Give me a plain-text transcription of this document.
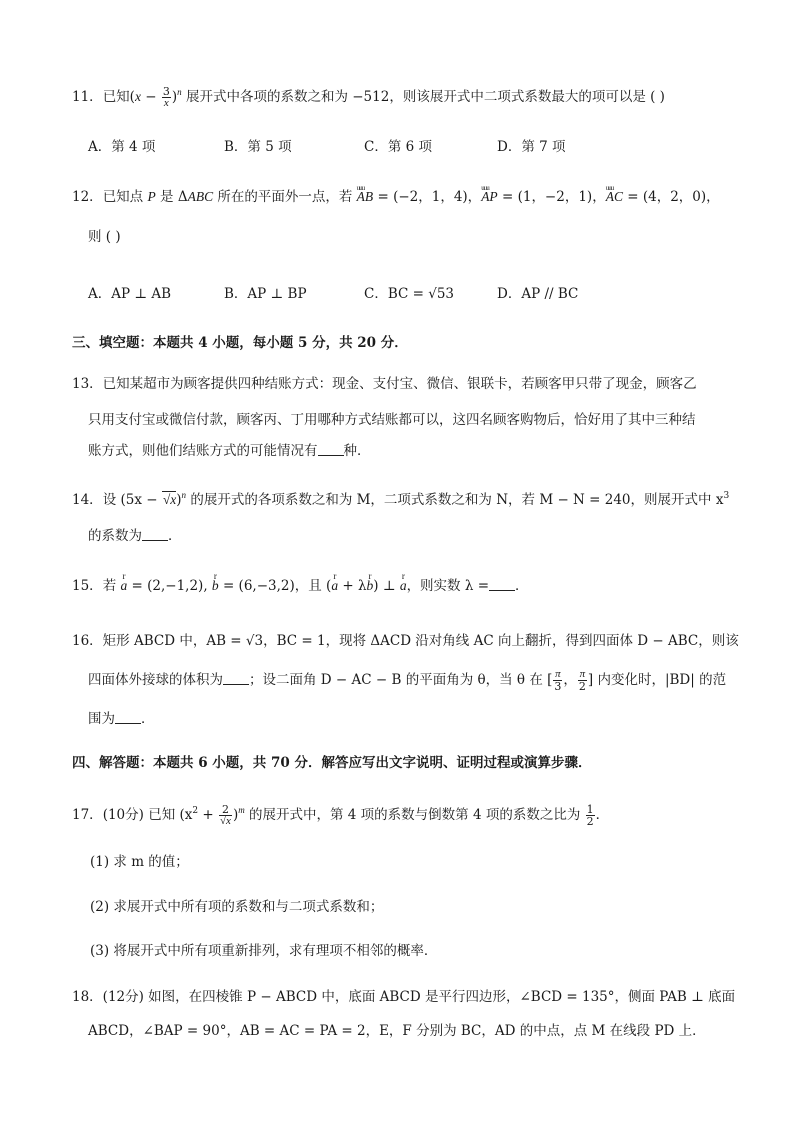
11．已知$(x - \frac{3}{x} )^n$ 展开式中各项的系数之和为 −512，则该展开式中二项式系数最大的项可以是 ( )
A．第 4 项	B．第 5 项	C．第 6 项	D．第 7 项
12．已知点 P 是 ΔABC 所在的平面外一点，若 uuu AB = (−2，1，4)，uuu AP = (1，−2，1)，uuu AC = (4，2，0)，
则 ( )
A．AP ⊥ AB	B．AP ⊥ BP	C．BC = √53	D．AP // BC
三、填空题：本题共 4 小题，每小题 5 分，共 20 分．
13．已知某超市为顾客提供四种结账方式：现金、支付宝、微信、银联卡，若顾客甲只带了现金，顾客乙
只用支付宝或微信付款，顾客丙、丁用哪种方式结账都可以，这四名顾客购物后，恰好用了其中三种结
账方式，则他们结账方式的可能情况有 种．
14．设 $(5x - √x)^n$ 的展开式的各项系数之和为 M，二项式系数之和为 N，若 M − N = 240，则展开式中 $x^3$
的系数为 ．
15．若 r a = (2,−1,2), r b = (6,−3,2)，且 (r a + λr b) ⊥ r a，则实数 λ = ．
16．矩形 ABCD 中，AB = √3，BC = 1，现将 ΔACD 沿对角线 AC 向上翻折，得到四面体 D − ABC，则该
四面体外接球的体积为 ；设二面角 D − AC − B 的平面角为 θ，当 θ 在 [ $\frac{\pi}{3}$ ， $\frac{\pi}{2}$ ] 内变化时，|BD| 的范
围为 ．
四、解答题：本题共 6 小题，共 70 分．解答应写出文字说明、证明过程或演算步骤．
17．(10分) 已知 $(x^2 + \frac{2}{√x} )^m$ 的展开式中，第 4 项的系数与倒数第 4 项的系数之比为 $\frac{1}{2}$ ．
(1) 求 m 的值；
(2) 求展开式中所有项的系数和与二项式系数和；
(3) 将展开式中所有项重新排列，求有理项不相邻的概率．
18．(12分) 如图，在四棱锥 P − ABCD 中，底面 ABCD 是平行四边形，∠BCD = 135°，侧面 PAB ⊥ 底面
ABCD，∠BAP = 90°，AB = AC = PA = 2，E，F 分别为 BC，AD 的中点，点 M 在线段 PD 上．
